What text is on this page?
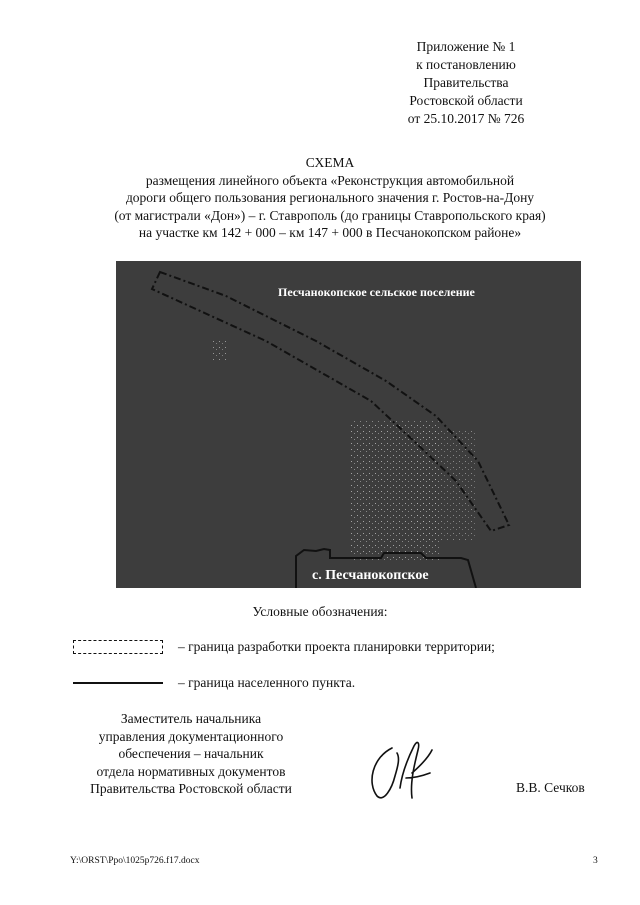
Приложение № 1
к постановлению
Правительства
Ростовской области
от 25.10.2017 № 726
СХЕМА
размещения линейного объекта «Реконструкция автомобильной
дороги общего пользования регионального значения г. Ростов-на-Дону
(от магистрали «Дон») – г. Ставрополь (до границы Ставропольского края)
на участке км 142 + 000 – км 147 + 000 в Песчанокопском районе»
Песчанокопское сельское поселение
с. Песчанокопское
Условные обозначения:
– граница разработки проекта планировки территории;
– граница населенного пункта.
Заместитель начальника
управления документационного
обеспечения – начальник
отдела нормативных документов
Правительства Ростовской области	В.В. Сечков
Y:\ORST\Ppo\1025p726.f17.docx	3
